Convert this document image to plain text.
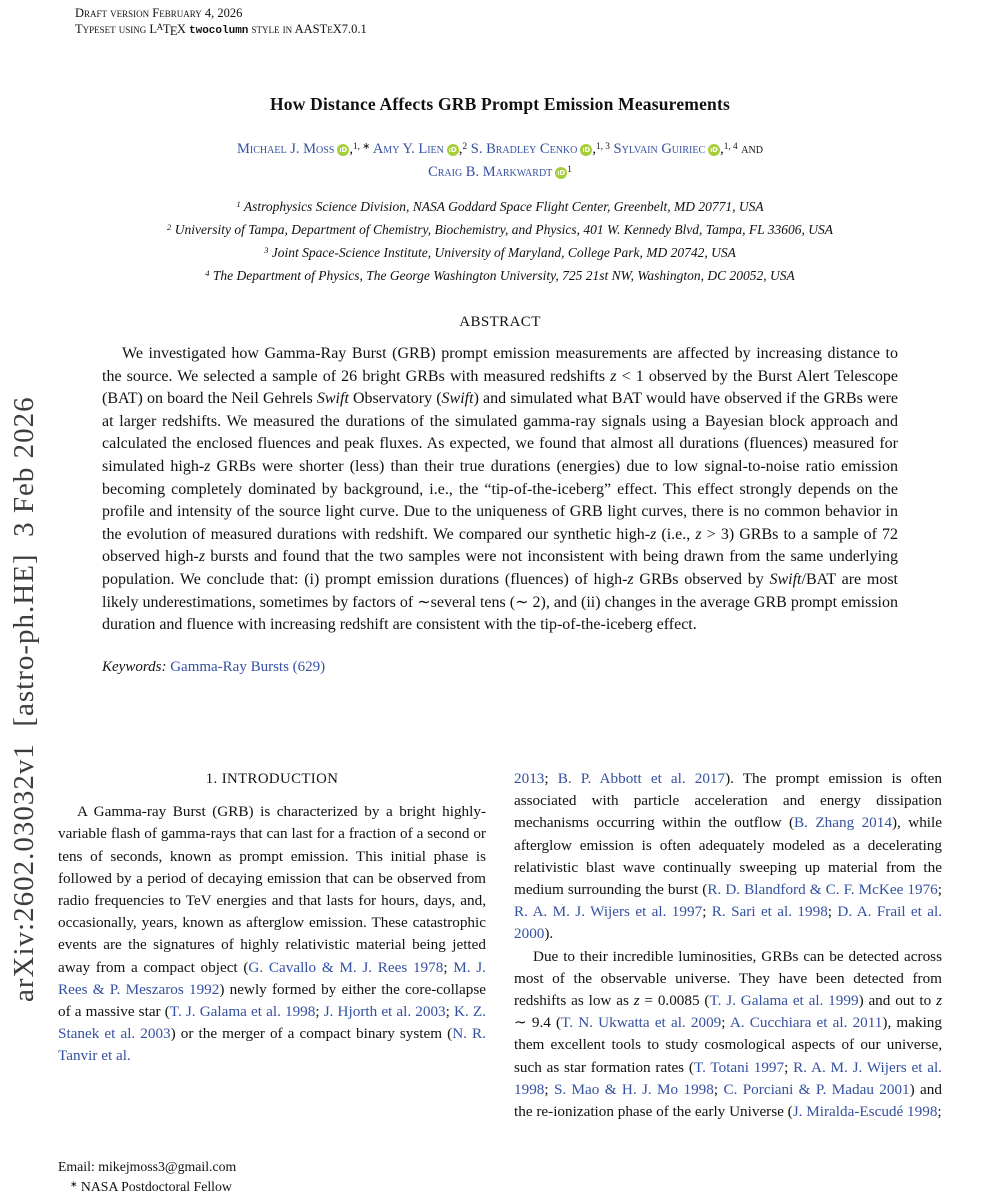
Draft version February 4, 2026
Typeset using $L^ATEX$ twocolumn style in AASTeX7.0.1
arXiv:2602.03032v1  [astro-ph.HE]  3 Feb 2026
How Distance Affects GRB Prompt Emission Measurements
Michael J. Moss iD ,$^{1, ∗}$ Amy Y. Lien iD ,$^2$ S. Bradley Cenko iD ,$^{1, 3}$ Sylvain Guiriec iD ,$^{1, 4}$ and
Craig B. Markwardt iD $^1$
$^1$ Astrophysics Science Division, NASA Goddard Space Flight Center, Greenbelt, MD 20771, USA
$^2$ University of Tampa, Department of Chemistry, Biochemistry, and Physics, 401 W. Kennedy Blvd, Tampa, FL 33606, USA
$^3$ Joint Space-Science Institute, University of Maryland, College Park, MD 20742, USA
$^4$ The Department of Physics, The George Washington University, 725 21st NW, Washington, DC 20052, USA
ABSTRACT
We investigated how Gamma-Ray Burst (GRB) prompt emission measurements are affected by increasing distance to the source. We selected a sample of 26 bright GRBs with measured redshifts z < 1 observed by the Burst Alert Telescope (BAT) on board the Neil Gehrels Swift Observatory (Swift) and simulated what BAT would have observed if the GRBs were at larger redshifts. We measured the durations of the simulated gamma-ray signals using a Bayesian block approach and calculated the enclosed fluences and peak fluxes. As expected, we found that almost all durations (fluences) measured for simulated high-z GRBs were shorter (less) than their true durations (energies) due to low signal-to-noise ratio emission becoming completely dominated by background, i.e., the “tip-of-the-iceberg” effect. This effect strongly depends on the profile and intensity of the source light curve. Due to the uniqueness of GRB light curves, there is no common behavior in the evolution of measured durations with redshift. We compared our synthetic high-z (i.e., z > 3) GRBs to a sample of 72 observed high-z bursts and found that the two samples were not inconsistent with being drawn from the same underlying population. We conclude that: (i) prompt emission durations (fluences) of high-z GRBs observed by Swift/BAT are most likely underestimations, sometimes by factors of ∼several tens (∼ 2), and (ii) changes in the average GRB prompt emission duration and fluence with increasing redshift are consistent with the tip-of-the-iceberg effect.
Keywords: Gamma-Ray Bursts (629)
1. INTRODUCTION

A Gamma-ray Burst (GRB) is characterized by a bright highly-variable flash of gamma-rays that can last for a fraction of a second or tens of seconds, known as prompt emission. This initial phase is followed by a period of decaying emission that can be observed from radio frequencies to TeV energies and that lasts for hours, days, and, occasionally, years, known as afterglow emission. These catastrophic events are the signatures of highly relativistic material being jetted away from a compact object (G. Cavallo & M. J. Rees 1978; M. J. Rees & P. Meszaros 1992) newly formed by either the core-collapse of a massive star (T. J. Galama et al. 1998; J. Hjorth et al. 2003; K. Z. Stanek et al. 2003) or the merger of a compact binary system (N. R. Tanvir et al.

Email: mikejmoss3@gmail.com
∗ NASA Postdoctoral Fellow

2013; B. P. Abbott et al. 2017). The prompt emission is often associated with particle acceleration and energy dissipation mechanisms occurring within the outflow (B. Zhang 2014), while afterglow emission is often adequately modeled as a decelerating relativistic blast wave continually sweeping up material from the medium surrounding the burst (R. D. Blandford & C. F. McKee 1976; R. A. M. J. Wijers et al. 1997; R. Sari et al. 1998; D. A. Frail et al. 2000).

Due to their incredible luminosities, GRBs can be detected across most of the observable universe. They have been detected from redshifts as low as z = 0.0085 (T. J. Galama et al. 1999) and out to z ∼ 9.4 (T. N. Ukwatta et al. 2009; A. Cucchiara et al. 2011), making them excellent tools to study cosmological aspects of our universe, such as star formation rates (T. Totani 1997; R. A. M. J. Wijers et al. 1998; S. Mao & H. J. Mo 1998; C. Porciani & P. Madau 2001) and the re-ionization phase of the early Universe (J. Miralda-Escudé 1998;
